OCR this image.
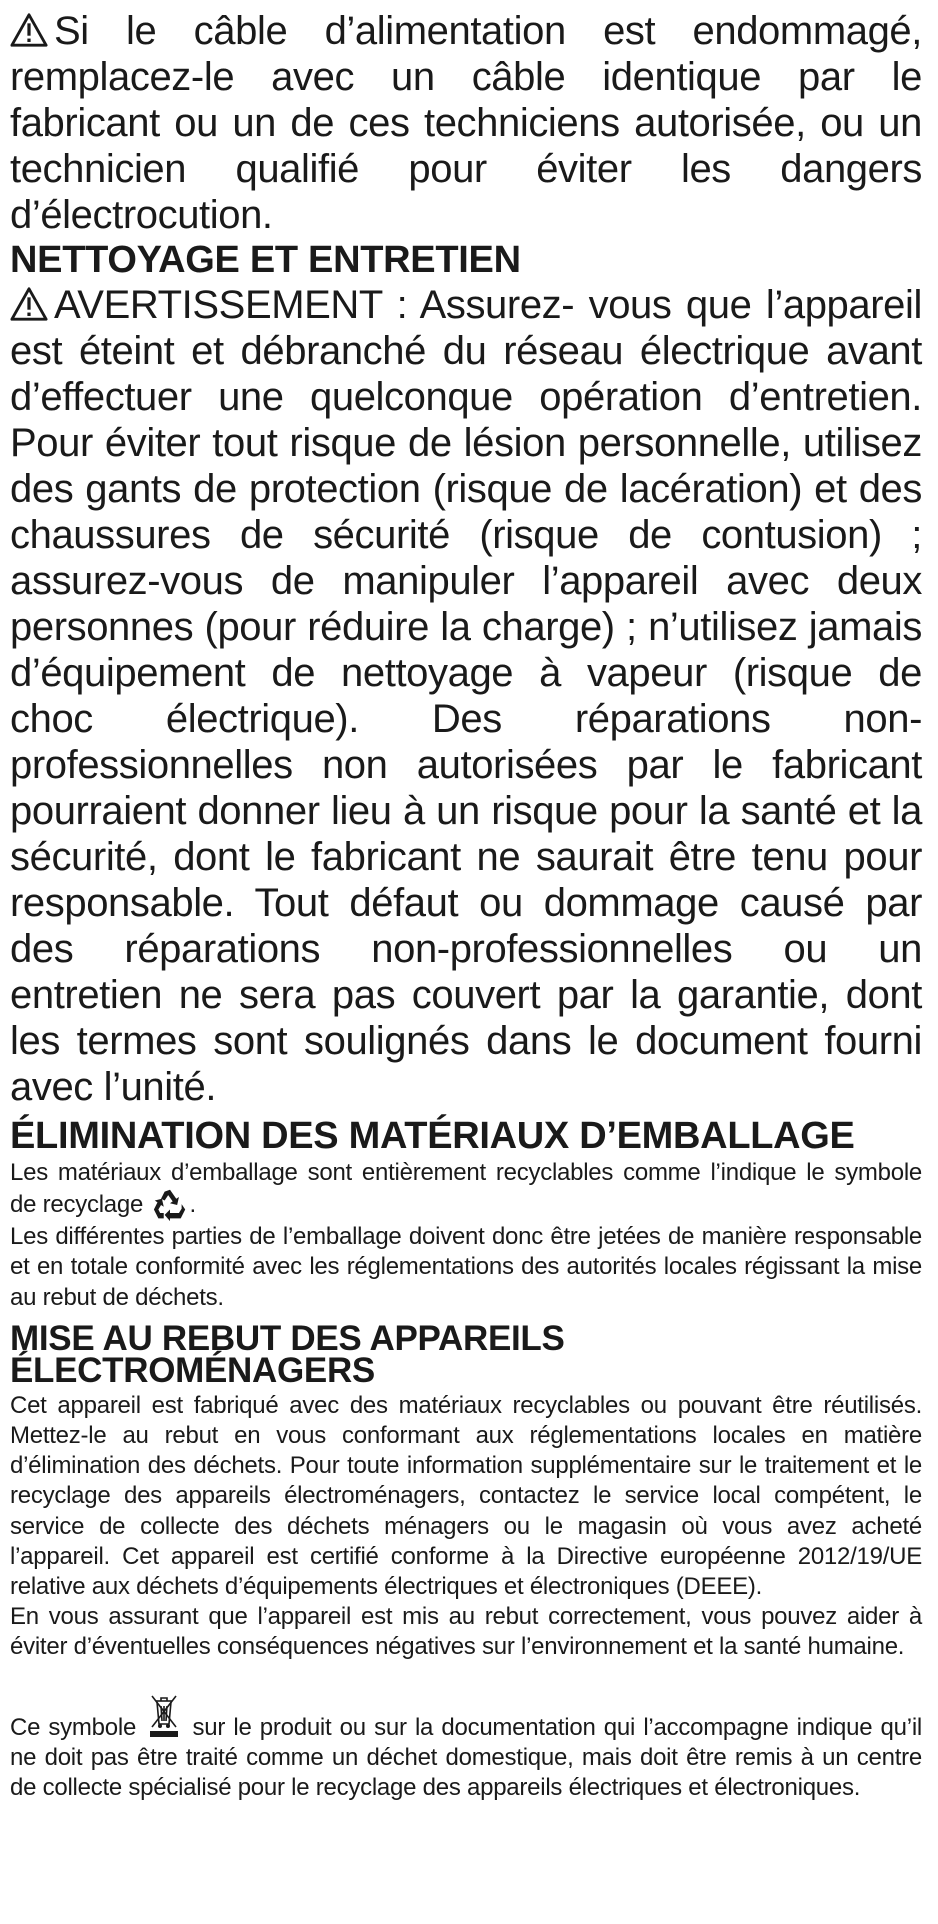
Si le câble d’alimentation est endommagé, remplacez-le avec un câble identique par le fabricant ou un de ces techniciens autorisée, ou un technicien qualifié pour éviter les dangers d’électrocution.

NETTOYAGE ET ENTRETIEN

AVERTISSEMENT : Assurez- vous que l’appareil est éteint et débranché du réseau électrique avant d’effectuer une quelconque opération d’entretien. Pour éviter tout risque de lésion personnelle, utilisez des gants de protection (risque de lacération) et des chaussures de sécurité (risque de contusion) ; assurez-vous de manipuler l’appareil avec deux personnes (pour réduire la charge) ; n’utilisez jamais d’équipement de nettoyage à vapeur (risque de choc électrique). Des réparations non-professionnelles non autorisées par le fabricant pourraient donner lieu à un risque pour la santé et la sécurité, dont le fabricant ne saurait être tenu pour responsable. Tout défaut ou dommage causé par des réparations non-professionnelles ou un entretien ne sera pas couvert par la garantie, dont les termes sont soulignés dans le document fourni avec l’unité.

ÉLIMINATION DES MATÉRIAUX D’EMBALLAGE

Les matériaux d’emballage sont entièrement recyclables comme l’indique le symbole de recyclage .

Les différentes parties de l’emballage doivent donc être jetées de manière responsable et en totale conformité avec les réglementations des autorités locales régissant la mise au rebut de déchets.

MISE AU REBUT DES APPAREILS
ÉLECTROMÉNAGERS

Cet appareil est fabriqué avec des matériaux recyclables ou pouvant être réutilisés. Mettez-le au rebut en vous conformant aux réglementations locales en matière d’élimination des déchets. Pour toute information supplémentaire sur le traitement et le recyclage des appareils électroménagers, contactez le service local compétent, le service de collecte des déchets ménagers ou le magasin où vous avez acheté l’appareil. Cet appareil est certifié conforme à la Directive européenne 2012/19/UE relative aux déchets d’équipements électriques et électroniques (DEEE).

En vous assurant que l’appareil est mis au rebut correctement, vous pouvez aider à éviter d’éventuelles conséquences négatives sur l’environnement et la santé humaine.

Ce symbole sur le produit ou sur la documentation qui l’accompagne indique qu’il ne doit pas être traité comme un déchet domestique, mais doit être remis à un centre de collecte spécialisé pour le recyclage des appareils électriques et électroniques.
